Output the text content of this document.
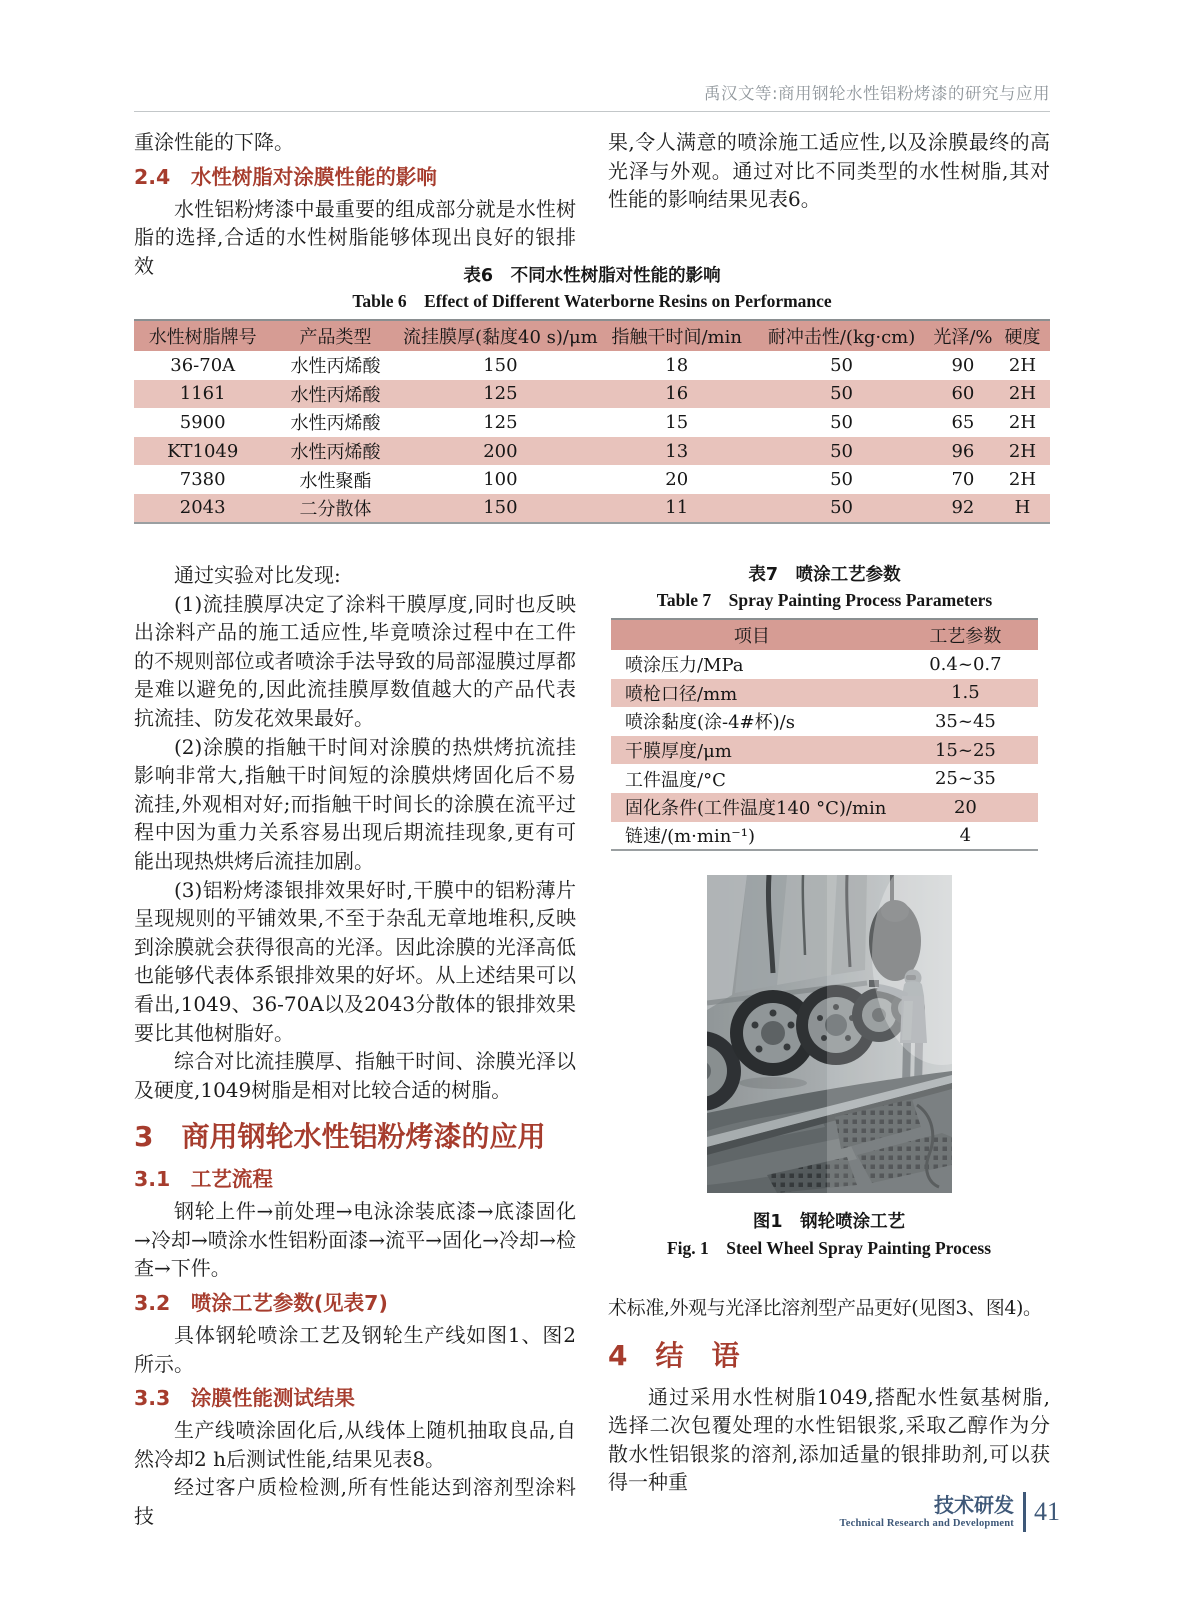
禹汉文等:商用钢轮水性铝粉烤漆的研究与应用

重涂性能的下降。

2.4　水性树脂对涂膜性能的影响

水性铝粉烤漆中最重要的组成部分就是水性树脂的选择,合适的水性树脂能够体现出良好的银排效	表6　不同水性树脂对性能的影响
Table 6　Effect of Different Waterborne Resins on Performance
水性树脂牌号	产品类型	流挂膜厚(黏度40 s)/μm	指触干时间/min	耐冲击性/(kg·cm)	光泽/%	硬度
36-70A	水性丙烯酸	150	18	50	90	2H
1161	水性丙烯酸	125	16	50	60	2H
5900	水性丙烯酸	125	15	50	65	2H
KT1049	水性丙烯酸	200	13	50	96	2H
7380	水性聚酯	100	20	50	70	2H
2043	二分散体	150	11	50	92	H

通过实验对比发现:

(1)流挂膜厚决定了涂料干膜厚度,同时也反映出涂料产品的施工适应性,毕竟喷涂过程中在工件的不规则部位或者喷涂手法导致的局部湿膜过厚都是难以避免的,因此流挂膜厚数值越大的产品代表抗流挂、防发花效果最好。

(2)涂膜的指触干时间对涂膜的热烘烤抗流挂影响非常大,指触干时间短的涂膜烘烤固化后不易流挂,外观相对好;而指触干时间长的涂膜在流平过程中因为重力关系容易出现后期流挂现象,更有可能出现热烘烤后流挂加剧。

(3)铝粉烤漆银排效果好时,干膜中的铝粉薄片呈现规则的平铺效果,不至于杂乱无章地堆积,反映到涂膜就会获得很高的光泽。因此涂膜的光泽高低也能够代表体系银排效果的好坏。从上述结果可以看出,1049、36-70A以及2043分散体的银排效果要比其他树脂好。

综合对比流挂膜厚、指触干时间、涂膜光泽以及硬度,1049树脂是相对比较合适的树脂。

3　商用钢轮水性铝粉烤漆的应用
3.1　工艺流程

钢轮上件→前处理→电泳涂装底漆→底漆固化→冷却→喷涂水性铝粉面漆→流平→固化→冷却→检查→下件。

3.2　喷涂工艺参数(见表7)

具体钢轮喷涂工艺及钢轮生产线如图1、图2所示。

3.3　涂膜性能测试结果

生产线喷涂固化后,从线体上随机抽取良品,自然冷却2 h后测试性能,结果见表8。

经过客户质检检测,所有性能达到溶剂型涂料技

果,令人满意的喷涂施工适应性,以及涂膜最终的高光泽与外观。通过对比不同类型的水性树脂,其对性能的影响结果见表6。

表7　喷涂工艺参数
Table 7　Spray Painting Process Parameters
项目	工艺参数
喷涂压力/MPa	0.4~0.7
喷枪口径/mm	1.5
喷涂黏度(涂-4#杯)/s	35~45
干膜厚度/μm	15~25
工件温度/°C	25~35
固化条件(工件温度140 °C)/min	20
链速/(m·min⁻¹)	4
图1　钢轮喷涂工艺
Fig. 1　Steel Wheel Spray Painting Process

术标准,外观与光泽比溶剂型产品更好(见图3、图4)。

4　结　语

通过采用水性树脂1049,搭配水性氨基树脂,选择二次包覆处理的水性铝银浆,采取乙醇作为分散水性铝银浆的溶剂,添加适量的银排助剂,可以获得一种重

技术研发
Technical Research and Development 41
